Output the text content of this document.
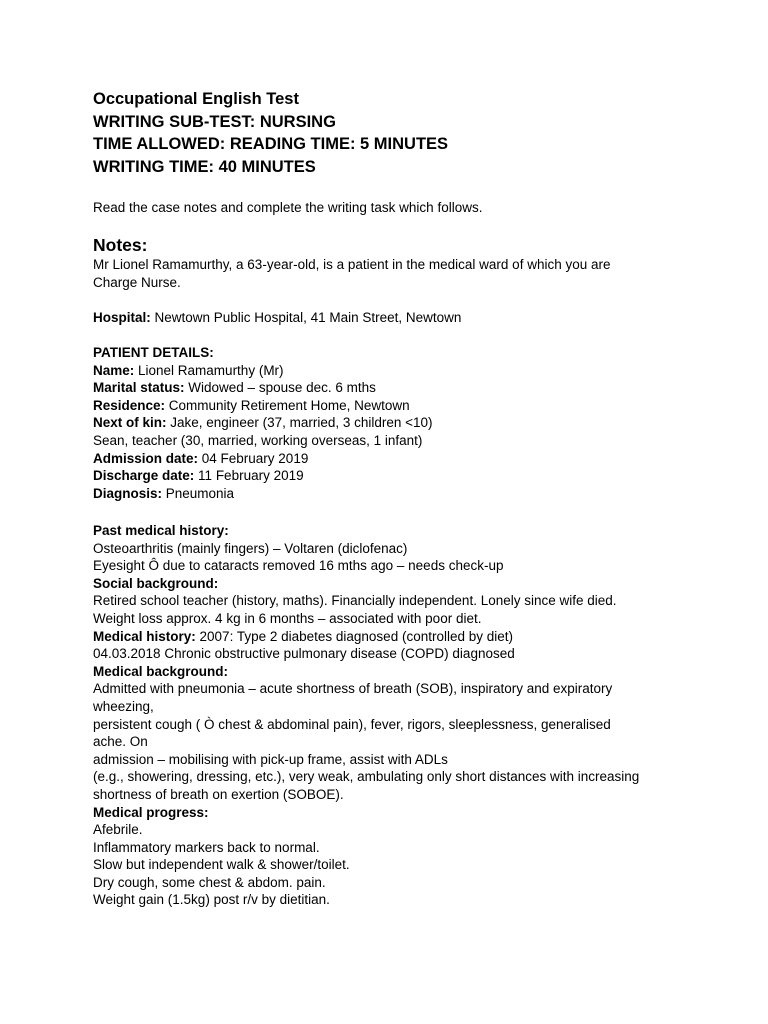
Occupational English Test

WRITING SUB-TEST: NURSING

TIME ALLOWED: READING TIME: 5 MINUTES

WRITING TIME: 40 MINUTES

Read the case notes and complete the writing task which follows.

Notes:

Mr Lionel Ramamurthy, a 63-year-old, is a patient in the medical ward of which you are

Charge Nurse.

Hospital: Newtown Public Hospital, 41 Main Street, Newtown

PATIENT DETAILS:

Name: Lionel Ramamurthy (Mr)

Marital status: Widowed – spouse dec. 6 mths

Residence: Community Retirement Home, Newtown

Next of kin: Jake, engineer (37, married, 3 children <10)

Sean, teacher (30, married, working overseas, 1 infant)

Admission date: 04 February 2019

Discharge date: 11 February 2019

Diagnosis: Pneumonia

Past medical history:

Osteoarthritis (mainly fingers) – Voltaren (diclofenac)

Eyesight Ô due to cataracts removed 16 mths ago – needs check-up

Social background:

Retired school teacher (history, maths). Financially independent. Lonely since wife died.

Weight loss approx. 4 kg in 6 months – associated with poor diet.

Medical history: 2007: Type 2 diabetes diagnosed (controlled by diet)

04.03.2018 Chronic obstructive pulmonary disease (COPD) diagnosed

Medical background:

Admitted with pneumonia – acute shortness of breath (SOB), inspiratory and expiratory

wheezing,

persistent cough ( Ò chest & abdominal pain), fever, rigors, sleeplessness, generalised

ache. On

admission – mobilising with pick-up frame, assist with ADLs

(e.g., showering, dressing, etc.), very weak, ambulating only short distances with increasing

shortness of breath on exertion (SOBOE).

Medical progress:

Afebrile.

Inflammatory markers back to normal.

Slow but independent walk & shower/toilet.

Dry cough, some chest & abdom. pain.

Weight gain (1.5kg) post r/v by dietitian.
